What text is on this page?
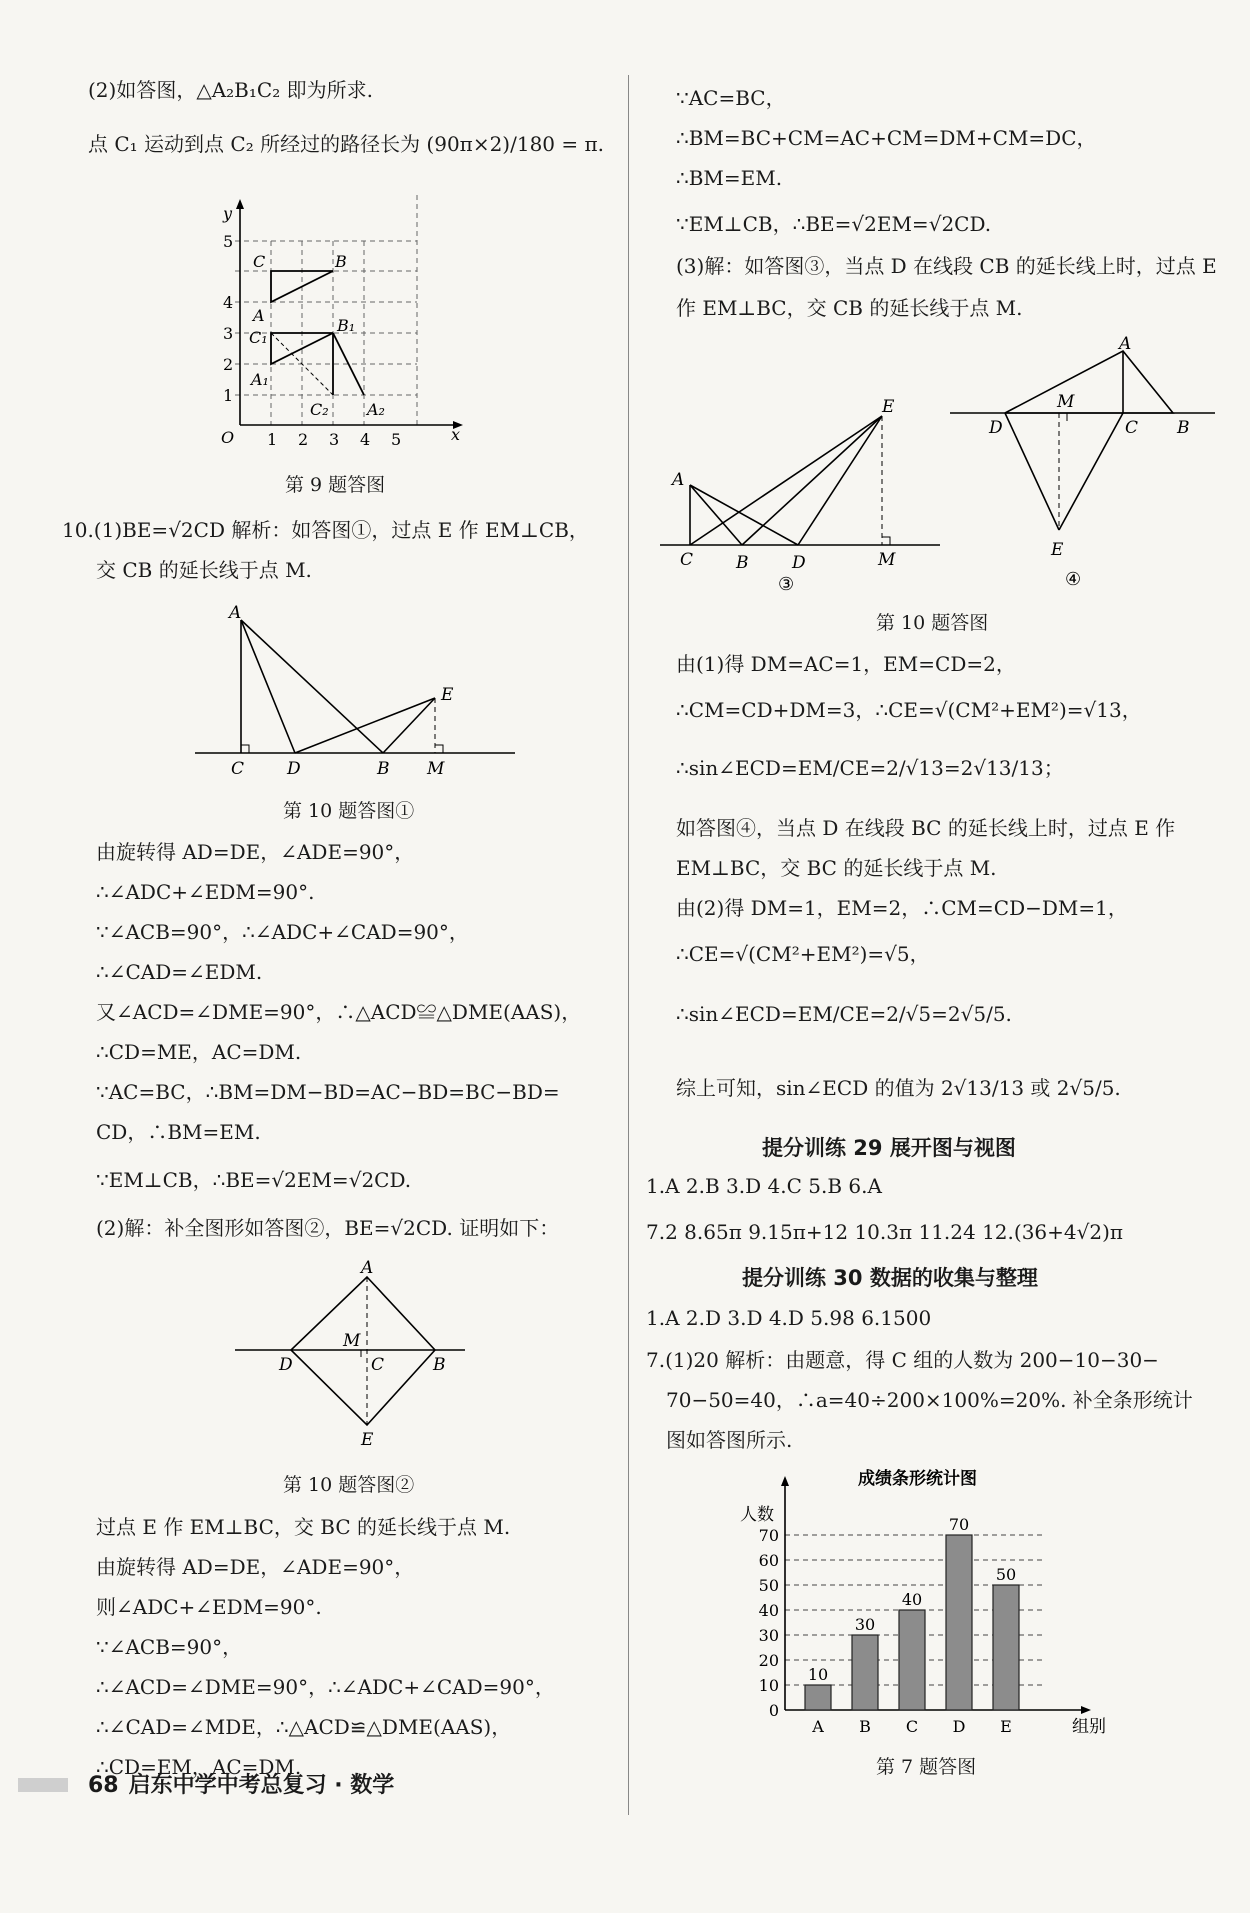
(2)如答图，△A₂B₁C₂ 即为所求.
点 C₁ 运动到点 C₂ 所经过的路径长为 (90π×2)/180 = π.
y
x
O 1 2 3 4 5
1
2
3
4
5
C	B
A
C₁
B₁
A₁
C₂ A₂
第 9 题答图
10.(1)BE=√2CD 解析：如答图①，过点 E 作 EM⊥CB，
交 CB 的延长线于点 M.
A
C	D	B M
E
第 10 题答图①
由旋转得 AD=DE，∠ADE=90°，
∴∠ADC+∠EDM=90°.
∵∠ACB=90°，∴∠ADC+∠CAD=90°，
∴∠CAD=∠EDM.
又∠ACD=∠DME=90°，∴△ACD≌△DME(AAS)，
∴CD=ME，AC=DM.
∵AC=BC，∴BM=DM−BD=AC−BD=BC−BD=
CD，∴BM=EM.
∵EM⊥CB，∴BE=√2EM=√2CD.
(2)解：补全图形如答图②，BE=√2CD. 证明如下：
A
D
M
C	B
E
第 10 题答图②
过点 E 作 EM⊥BC，交 BC 的延长线于点 M.
由旋转得 AD=DE，∠ADE=90°，
则∠ADC+∠EDM=90°.
∵∠ACB=90°，
∴∠ACD=∠DME=90°，∴∠ADC+∠CAD=90°，
∴∠CAD=∠MDE，∴△ACD≌△DME(AAS)，
∴CD=EM，AC=DM.
∵AC=BC，
∴BM=BC+CM=AC+CM=DM+CM=DC，
∴BM=EM.
∵EM⊥CB，∴BE=√2EM=√2CD.
(3)解：如答图③，当点 D 在线段 CB 的延长线上时，过点 E
作 EM⊥BC，交 CB 的延长线于点 M.
A
C	B	D	M
E
③
A
M
D	C B
E
④
第 10 题答图
由(1)得 DM=AC=1，EM=CD=2，
∴CM=CD+DM=3，∴CE=√(CM²+EM²)=√13，
∴sin∠ECD=EM/CE=2/√13=2√13/13；
如答图④，当点 D 在线段 BC 的延长线上时，过点 E 作
EM⊥BC，交 BC 的延长线于点 M.
由(2)得 DM=1，EM=2，∴CM=CD−DM=1，
∴CE=√(CM²+EM²)=√5，
∴sin∠ECD=EM/CE=2/√5=2√5/5.
综上可知，sin∠ECD 的值为 2√13/13 或 2√5/5.
提分训练 29 展开图与视图
1.A 2.B 3.D 4.C 5.B 6.A
7.2 8.65π 9.15π+12 10.3π 11.24 12.(36+4√2)π
提分训练 30 数据的收集与整理
1.A 2.D 3.D 4.D 5.98 6.1500
7.(1)20 解析：由题意，得 C 组的人数为 200−10−30−
70−50=40，∴a=40÷200×100%=20%. 补全条形统计
图如答图所示.
成绩条形统计图
人数
组别
0
10
20
30
40
50
60
70
10
A
30
B
40
C
70
D
50
E
第 7 题答图
68 启东中学中考总复习 · 数学
